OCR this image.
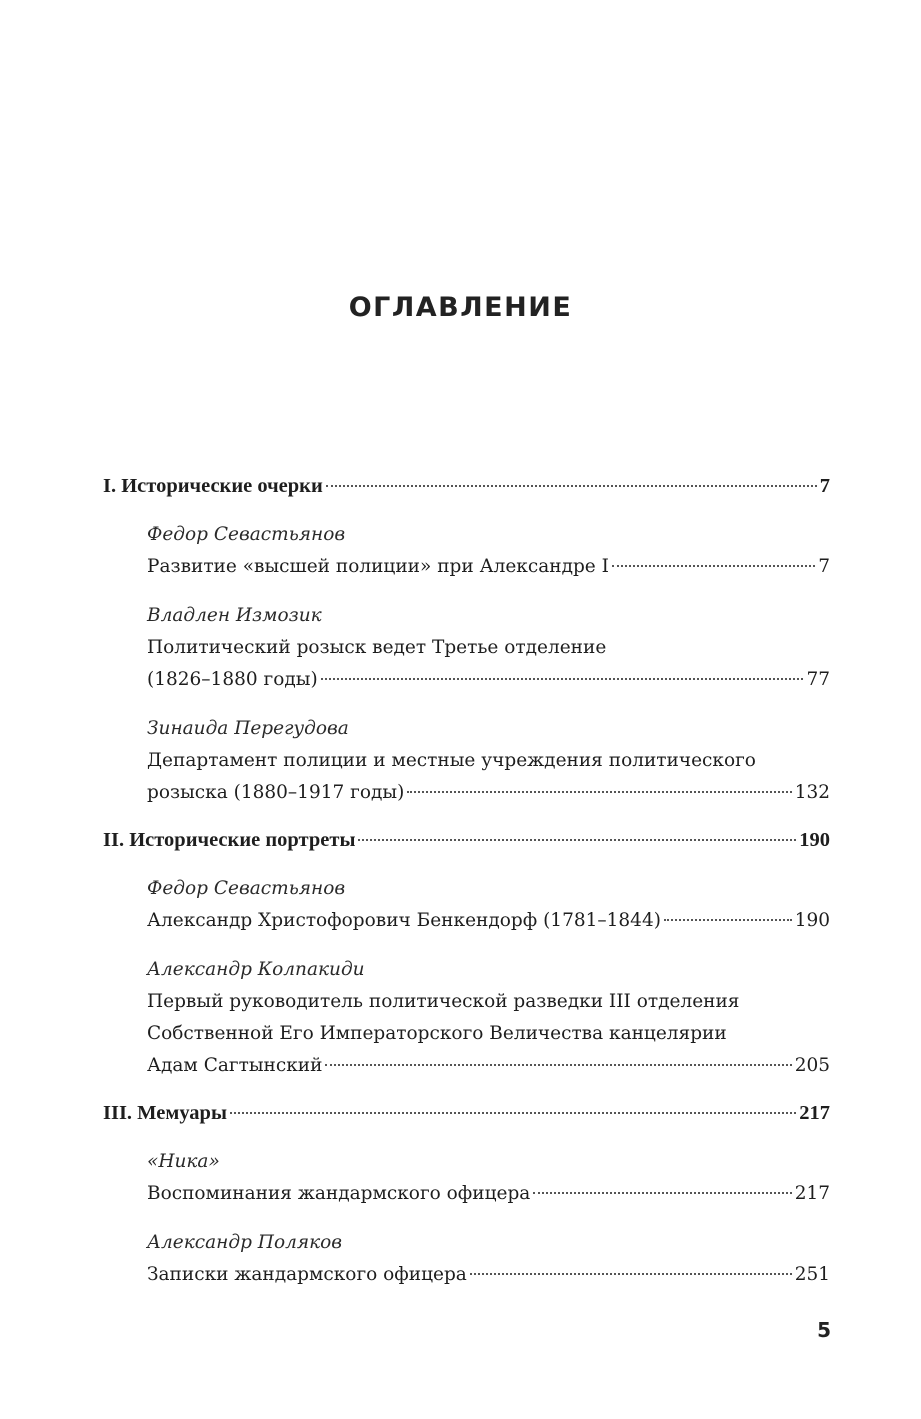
ОГЛАВЛЕНИЕ
I. Исторические очерки	7
Федор Севастьянов
Развитие «высшей полиции» при Александре I	7
Владлен Измозик
Политический розыск ведет Третье отделение
(1826–1880 годы)	77
Зинаида Перегудова
Департамент полиции и местные учреждения политического
розыска (1880–1917 годы)	132
II. Исторические портреты	190
Федор Севастьянов
Александр Христофорович Бенкендорф (1781–1844)	190
Александр Колпакиди
Первый руководитель политической разведки III отделения
Собственной Его Императорского Величества канцелярии
Адам Сагтынский	205
III. Мемуары	217
«Ника»
Воспоминания жандармского офицера	217
Александр Поляков
Записки жандармского офицера	251
5
